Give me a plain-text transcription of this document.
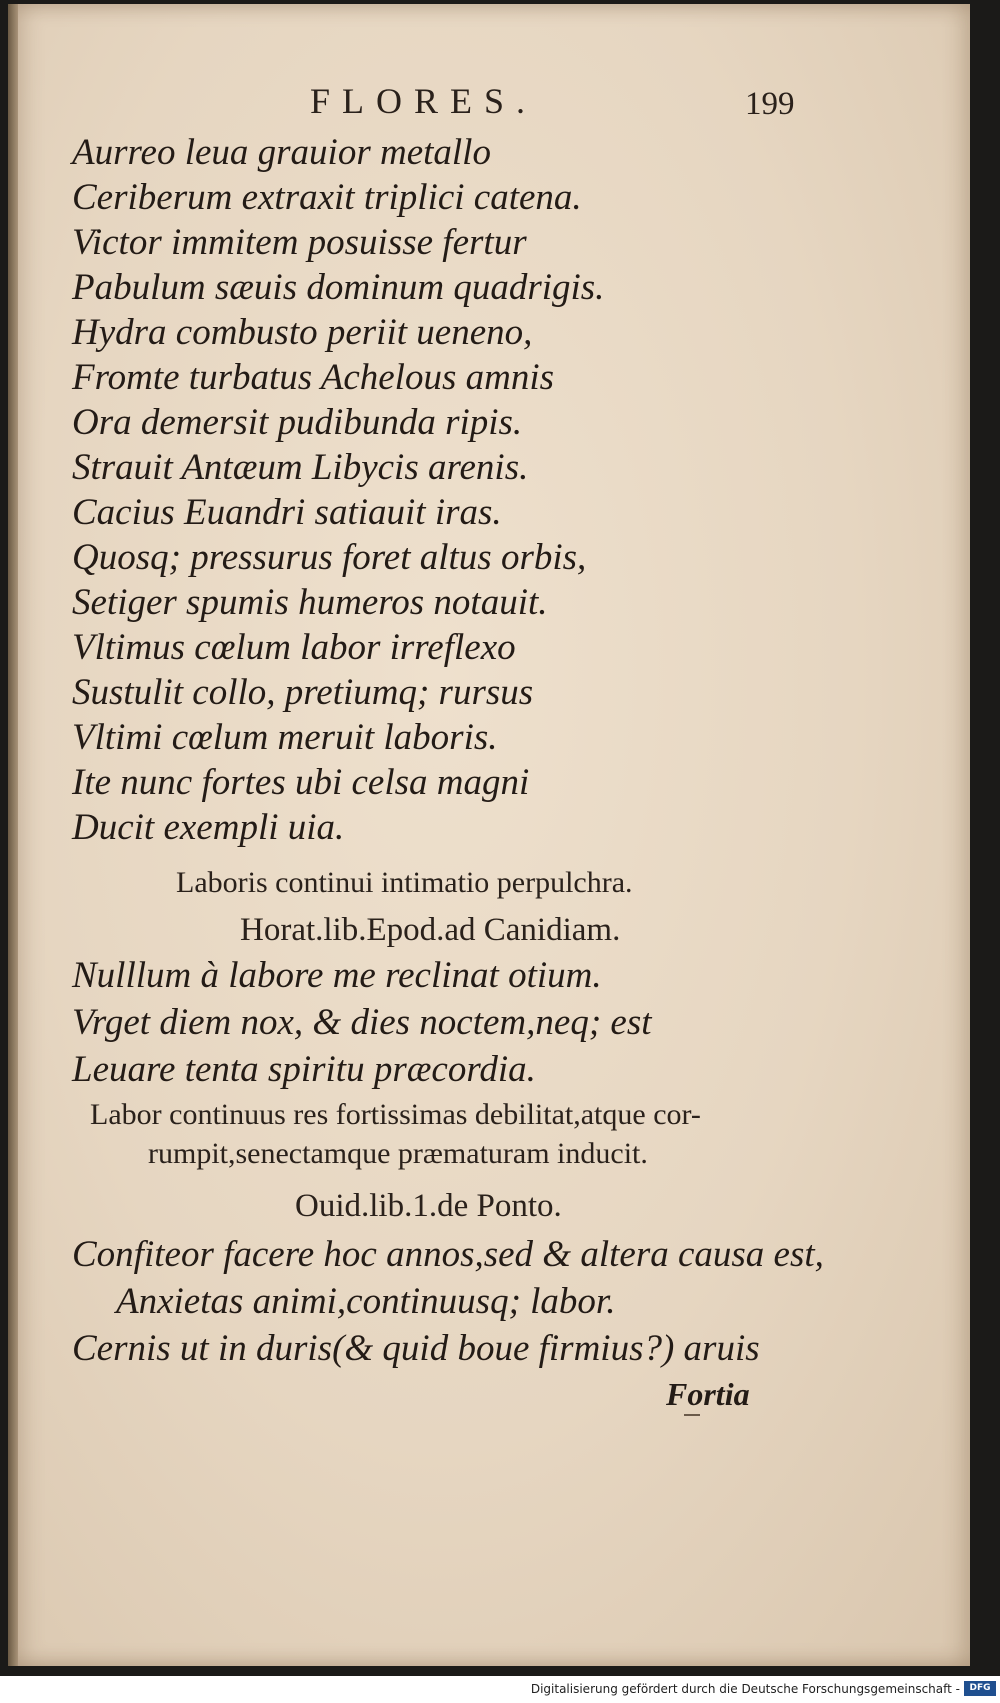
FLORES.	199

Aurreo leua grauior metallo

Ceriberum extraxit triplici catena.

Victor immitem posuisse fertur

Pabulum sæuis dominum quadrigis.

Hydra combusto periit ueneno,

Fromte turbatus Achelous amnis

Ora demersit pudibunda ripis.

Strauit Antæum Libycis arenis.

Cacius Euandri satiauit iras.

Quosq; pressurus foret altus orbis,

Setiger spumis humeros notauit.

Vltimus cœlum labor irreflexo

Sustulit collo, pretiumq; rursus

Vltimi cœlum meruit laboris.

Ite nunc fortes ubi celsa magni

Ducit exempli uia.

Laboris continui intimatio perpulchra.

Horat.lib.Epod.ad Canidiam.

Nulllum à labore me reclinat otium.

Vrget diem nox, & dies noctem,neq; est

Leuare tenta spiritu præcordia.

Labor continuus res fortissimas debilitat,atque cor-

rumpit,senectamque præmaturam inducit.

Ouid.lib.1.de Ponto.

Confiteor facere hoc annos,sed & altera causa est,

Anxietas animi,continuusq; labor.

Cernis ut in duris(& quid boue firmius?) aruis

Fortia
Digitalisierung gefördert durch die Deutsche Forschungsgemeinschaft -	DFG
